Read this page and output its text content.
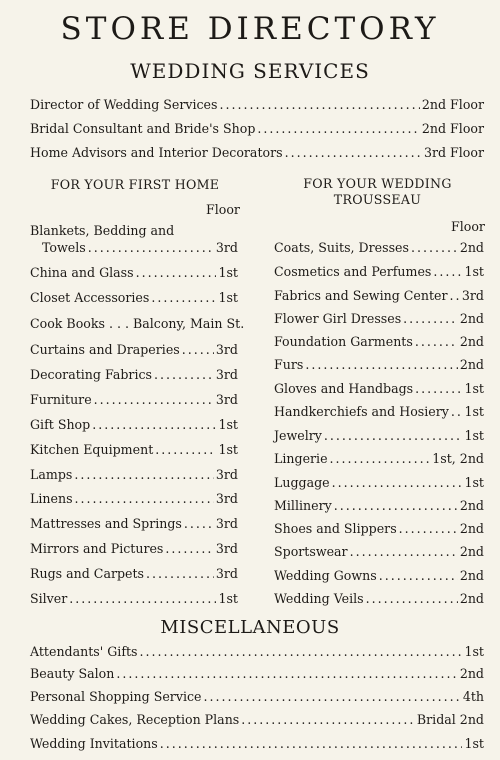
STORE DIRECTORY
WEDDING SERVICES
Director of Wedding Services .....	2nd Floor
Bridal Consultant and Bride's Shop .....	2nd Floor
Home Advisors and Interior Decorators .....	3rd Floor
FOR YOUR FIRST HOME
Floor
Blankets, Bedding and
Towels .....	3rd
China and Glass .....	1st
Closet Accessories .....	1st
Cook Books . . . Balcony, Main St.
Curtains and Draperies .....	3rd
Decorating Fabrics .....	3rd
Furniture .....	3rd
Gift Shop .....	1st
Kitchen Equipment .....	1st
Lamps .....	3rd
Linens .....	3rd
Mattresses and Springs .....	3rd
Mirrors and Pictures .....	3rd
Rugs and Carpets .....	3rd
Silver .....	1st
FOR YOUR WEDDING
TROUSSEAU
Floor
Coats, Suits, Dresses .....	2nd
Cosmetics and Perfumes .....	1st
Fabrics and Sewing Center ..... 3rd
Flower Girl Dresses .....	2nd
Foundation Garments .....	2nd
Furs .....	2nd
Gloves and Handbags .....	1st
Handkerchiefs and Hosiery ..... 1st
Jewelry .....	1st
Lingerie .....	1st, 2nd
Luggage .....	1st
Millinery .....	2nd
Shoes and Slippers .....	2nd
Sportswear .....	2nd
Wedding Gowns .....	2nd
Wedding Veils .....	2nd
MISCELLANEOUS
Attendants' Gifts .....	1st
Beauty Salon .....	2nd
Personal Shopping Service .....	4th
Wedding Cakes, Reception Plans .....	Bridal 2nd
Wedding Invitations .....	1st
